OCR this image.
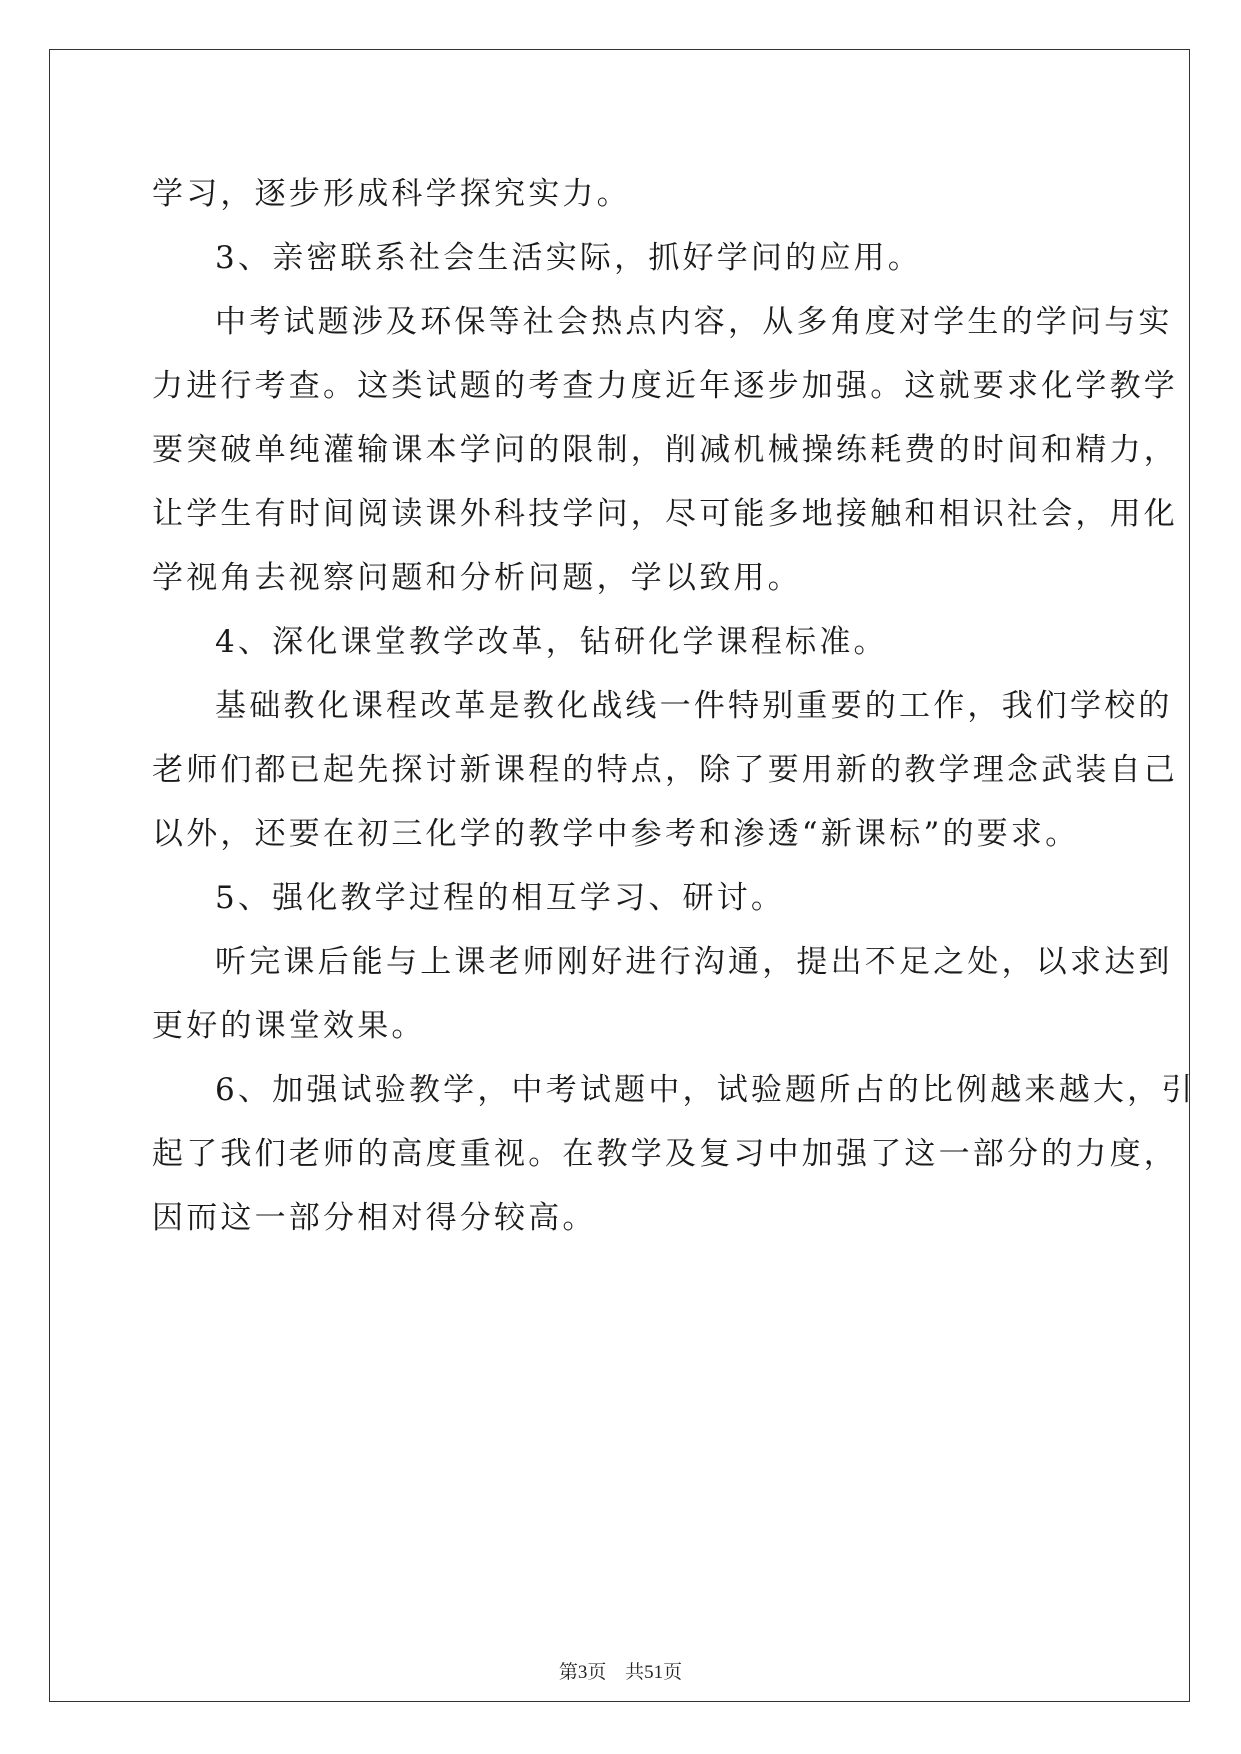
学习，逐步形成科学探究实力。
3、亲密联系社会生活实际，抓好学问的应用。
中考试题涉及环保等社会热点内容，从多角度对学生的学问与实
力进行考查。这类试题的考查力度近年逐步加强。这就要求化学教学
要突破单纯灌输课本学问的限制，削减机械操练耗费的时间和精力，
让学生有时间阅读课外科技学问，尽可能多地接触和相识社会，用化
学视角去视察问题和分析问题，学以致用。
4、深化课堂教学改革，钻研化学课程标准。
基础教化课程改革是教化战线一件特别重要的工作，我们学校的
老师们都已起先探讨新课程的特点，除了要用新的教学理念武装自己
以外，还要在初三化学的教学中参考和渗透“新课标”的要求。
5、强化教学过程的相互学习、研讨。
听完课后能与上课老师刚好进行沟通，提出不足之处，以求达到
更好的课堂效果。
6、加强试验教学，中考试题中，试验题所占的比例越来越大，引
起了我们老师的高度重视。在教学及复习中加强了这一部分的力度，
因而这一部分相对得分较高。
第3页 共51页
